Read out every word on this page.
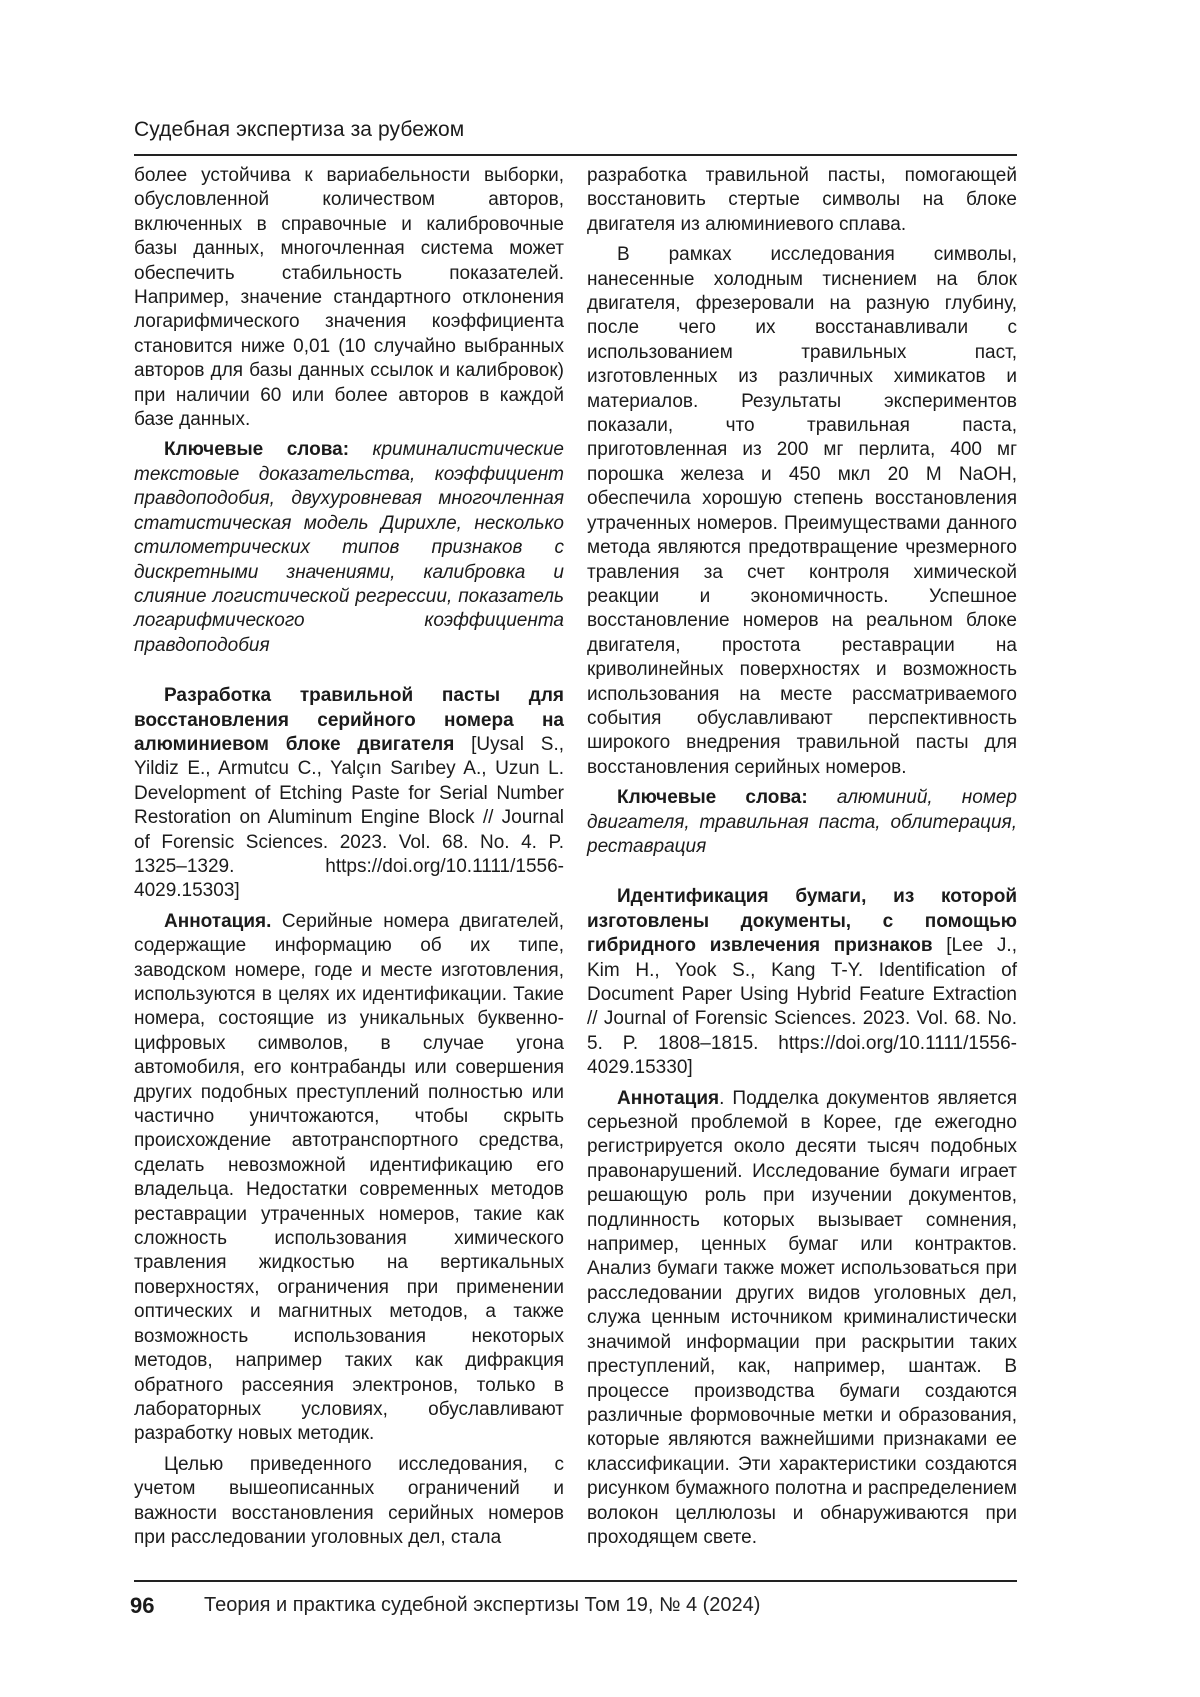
Судебная экспертиза за рубежом

более устойчива к вариабельности выборки, обусловленной количеством авторов, включенных в справочные и калибровочные базы данных, многочленная система может обеспечить стабильность показателей. Например, значение стандартного отклонения логарифмического значения коэффициента становится ниже 0,01 (10 случайно выбранных авторов для базы данных ссылок и калибровок) при наличии 60 или более авторов в каждой базе данных.

Ключевые слова: криминалистические текстовые доказательства, коэффициент правдоподобия, двухуровневая многочленная статистическая модель Дирихле, несколько стилометрических типов признаков с дискретными значениями, калибровка и слияние логистической регрессии, показатель логарифмического коэффициента правдоподобия

Разработка травильной пасты для восстановления серийного номера на алюминиевом блоке двигателя [Uysal S., Yildiz E., Armutcu C., Yalçın Sarıbey A., Uzun L. Development of Etching Paste for Serial Number Restoration on Aluminum Engine Block // Journal of Forensic Sciences. 2023. Vol. 68. No. 4. P. 1325–1329. https://doi.org/10.1111/1556-4029.15303]

Аннотация. Серийные номера двигателей, содержащие информацию об их типе, заводском номере, годе и месте изготовления, используются в целях их идентификации. Такие номера, состоящие из уникальных буквенно-цифровых символов, в случае угона автомобиля, его контрабанды или совершения других подобных преступлений полностью или частично уничтожаются, чтобы скрыть происхождение автотранспортного средства, сделать невозможной идентификацию его владельца. Недостатки современных методов реставрации утраченных номеров, такие как сложность использования химического травления жидкостью на вертикальных поверхностях, ограничения при применении оптических и магнитных методов, а также возможность использования некоторых методов, например таких как дифракция обратного рассеяния электронов, только в лабораторных условиях, обуславливают разработку новых методик.

Целью приведенного исследования, с учетом вышеописанных ограничений и важности восстановления серийных номеров при расследовании уголовных дел, стала

разработка травильной пасты, помогающей восстановить стертые символы на блоке двигателя из алюминиевого сплава.

В рамках исследования символы, нанесенные холодным тиснением на блок двигателя, фрезеровали на разную глубину, после чего их восстанавливали с использованием травильных паст, изготовленных из различных химикатов и материалов. Результаты экспериментов показали, что травильная паста, приготовленная из 200 мг перлита, 400 мг порошка железа и 450 мкл 20 M NaOH, обеспечила хорошую степень восстановления утраченных номеров. Преимуществами данного метода являются предотвращение чрезмерного травления за счет контроля химической реакции и экономичность. Успешное восстановление номеров на реальном блоке двигателя, простота реставрации на криволинейных поверхностях и возможность использования на месте рассматриваемого события обуславливают перспективность широкого внедрения травильной пасты для восстановления серийных номеров.

Ключевые слова: алюминий, номер двигателя, травильная паста, облитерация, реставрация

Идентификация бумаги, из которой изготовлены документы, с помощью гибридного извлечения признаков [Lee J., Kim H., Yook S., Kang T-Y. Identification of Document Paper Using Hybrid Feature Extraction // Journal of Forensic Sciences. 2023. Vol. 68. No. 5. P. 1808–1815. https://doi.org/10.1111/1556-4029.15330]

Аннотация. Подделка документов является серьезной проблемой в Корее, где ежегодно регистрируется около десяти тысяч подобных правонарушений. Исследование бумаги играет решающую роль при изучении документов, подлинность которых вызывает сомнения, например, ценных бумаг или контрактов. Анализ бумаги также может использоваться при расследовании других видов уголовных дел, служа ценным источником криминалистически значимой информации при раскрытии таких преступлений, как, например, шантаж. В процессе производства бумаги создаются различные формовочные метки и образования, которые являются важнейшими признаками ее классификации. Эти характеристики создаются рисунком бумажного полотна и распределением волокон целлюлозы и обнаруживаются при проходящем свете.

96 Теория и практика судебной экспертизы Том 19, № 4 (2024)
